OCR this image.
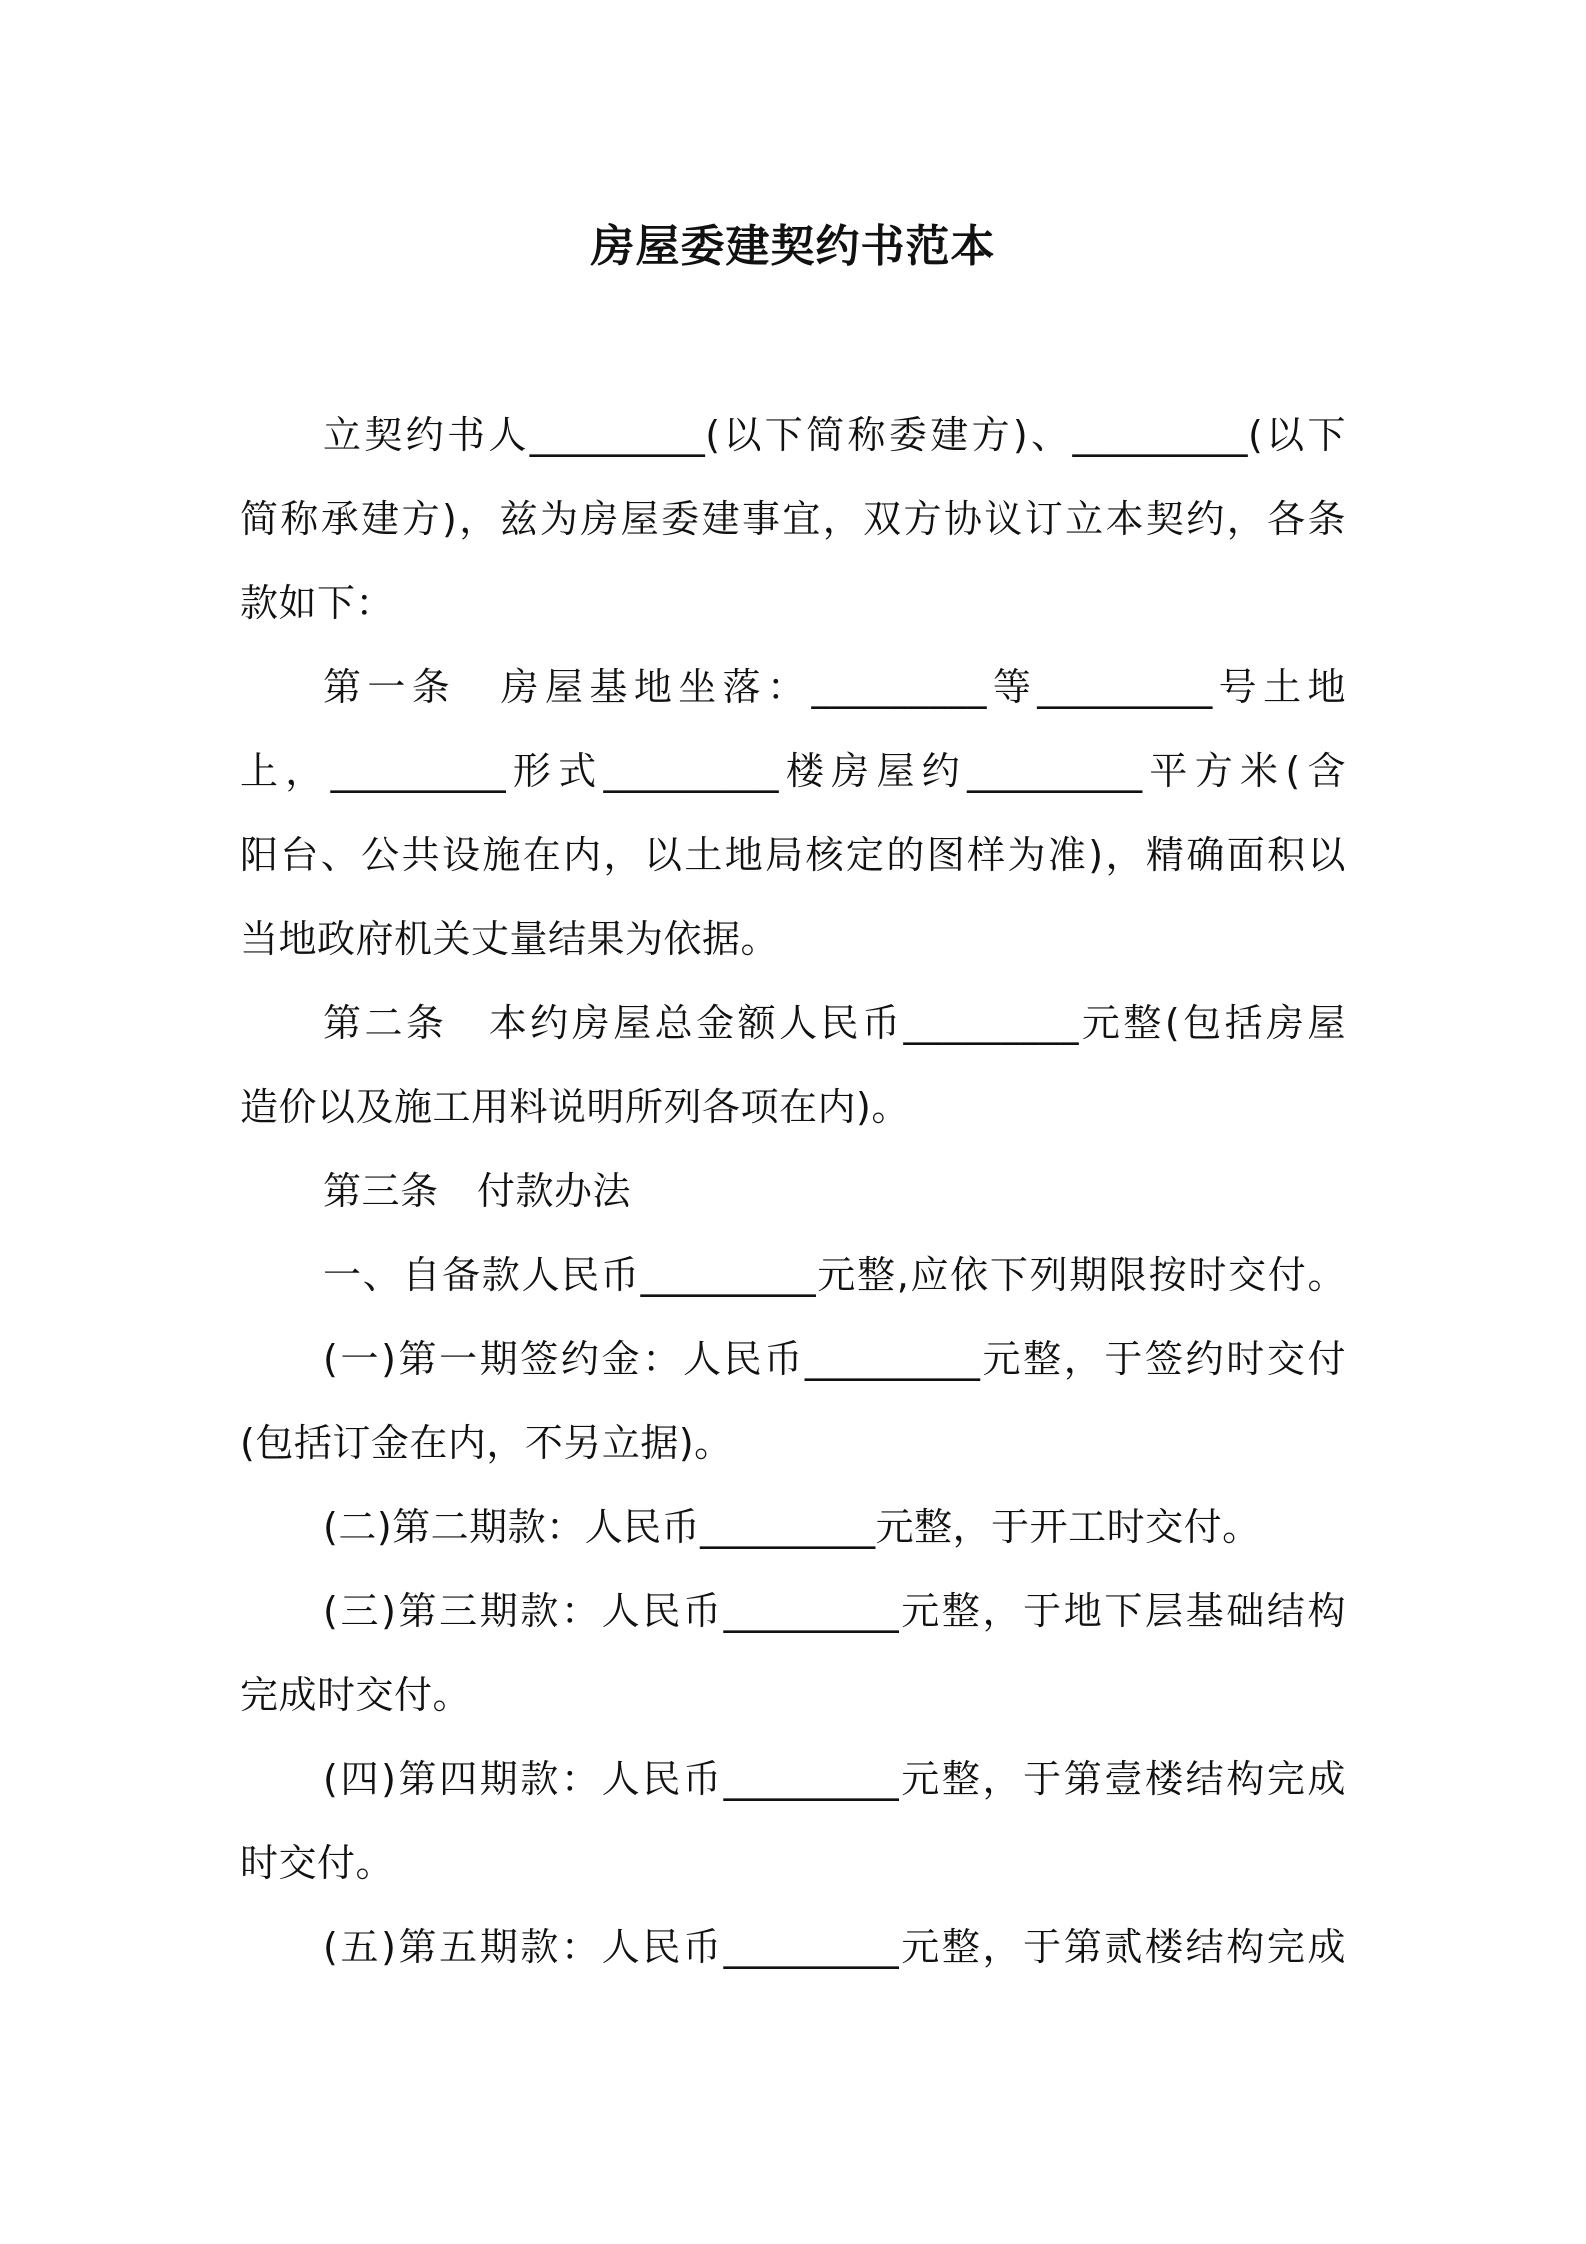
房屋委建契约书范本
立契约书人_________(以下简称委建方)、_________(以下
简称承建方)，兹为房屋委建事宜，双方协议订立本契约，各条
款如下：
第一条　房屋基地坐落：_________等_________号土地
上，_________形式_________楼房屋约_________平方米(含
阳台、公共设施在内，以土地局核定的图样为准)，精确面积以
当地政府机关丈量结果为依据。
第二条　本约房屋总金额人民币_________元整(包括房屋
造价以及施工用料说明所列各项在内)。
第三条　付款办法
一、自备款人民币_________元整,应依下列期限按时交付。
(一)第一期签约金：人民币_________元整，于签约时交付
(包括订金在内，不另立据)。
(二)第二期款：人民币_________元整，于开工时交付。
(三)第三期款：人民币_________元整，于地下层基础结构
完成时交付。
(四)第四期款：人民币_________元整，于第壹楼结构完成
时交付。
(五)第五期款：人民币_________元整，于第贰楼结构完成
